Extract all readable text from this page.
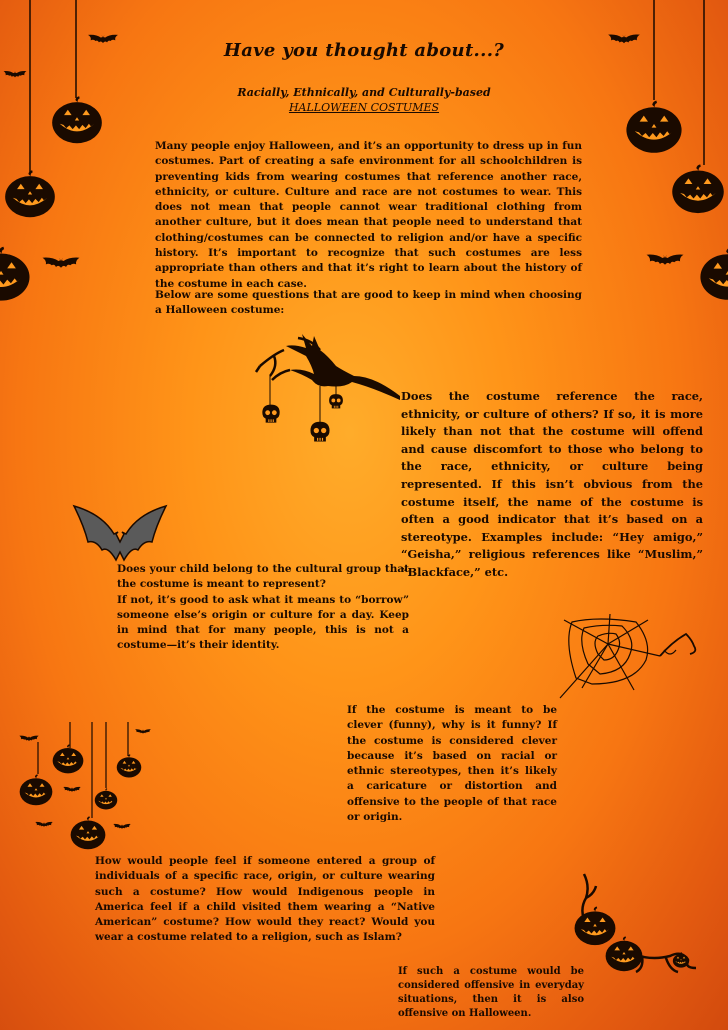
Have you thought about...?
Racially, Ethnically, and Culturally-based
HALLOWEEN COSTUMES
Many people enjoy Halloween, and it’s an opportunity to dress up in fun costumes. Part of creating a safe environment for all schoolchildren is preventing kids from wearing costumes that reference another race, ethnicity, or culture. Culture and race are not costumes to wear. This does not mean that people cannot wear traditional clothing from another culture, but it does mean that people need to understand that clothing/costumes can be connected to religion and/or have a specific history. It’s important to recognize that such costumes are less appropriate than others and that it’s right to learn about the history of the costume in each case.
Below are some questions that are good to keep in mind when choosing a Halloween costume:
Does the costume reference the race, ethnicity, or culture of others? If so, it is more likely than not that the costume will offend and cause discomfort to those who belong to the race, ethnicity, or culture being represented. If this isn’t obvious from the costume itself, the name of the costume is often a good indicator that it’s based on a stereotype. Examples include: “Hey amigo,” “Geisha,” religious references like “Muslim,” “Blackface,” etc.
Does your child belong to the cultural group that the costume is meant to represent?
If not, it’s good to ask what it means to “borrow” someone else’s origin or culture for a day. Keep in mind that for many people, this is not a costume—it’s their identity.
If the costume is meant to be clever (funny), why is it funny? If the costume is considered clever because it’s based on racial or ethnic stereotypes, then it’s likely a caricature or distortion and offensive to the people of that race or origin.
How would people feel if someone entered a group of individuals of a specific race, origin, or culture wearing such a costume? How would Indigenous people in America feel if a child visited them wearing a “Native American” costume? How would they react? Would you wear a costume related to a religion, such as Islam?
If such a costume would be considered offensive in everyday situations, then it is also offensive on Halloween.
